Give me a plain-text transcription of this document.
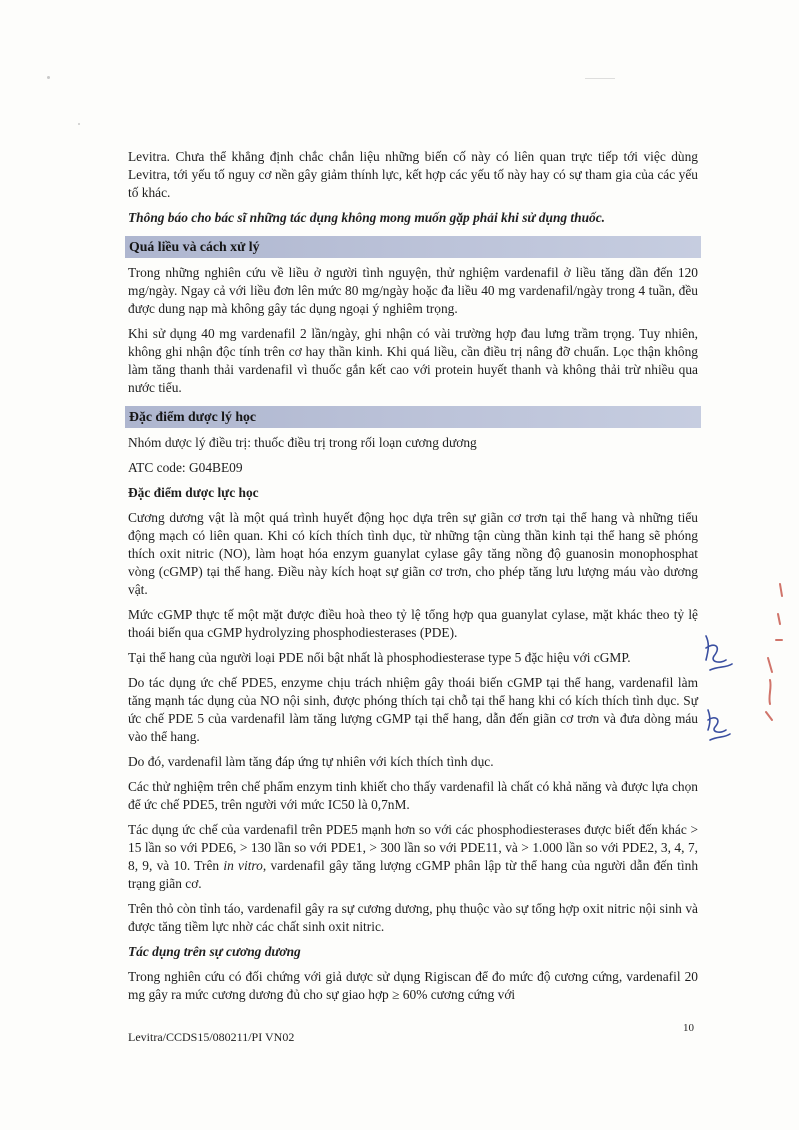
Levitra. Chưa thể khẳng định chắc chắn liệu những biến cố này có liên quan trực tiếp tới việc dùng Levitra, tới yếu tố nguy cơ nền gây giảm thính lực, kết hợp các yếu tố này hay có sự tham gia của các yếu tố khác.

Thông báo cho bác sĩ những tác dụng không mong muốn gặp phải khi sử dụng thuốc.

Quá liều và cách xử lý

Trong những nghiên cứu về liều ở người tình nguyện, thử nghiệm vardenafil ở liều tăng dần đến 120 mg/ngày. Ngay cả với liều đơn lên mức 80 mg/ngày hoặc đa liều 40 mg vardenafil/ngày trong 4 tuần, đều được dung nạp mà không gây tác dụng ngoại ý nghiêm trọng.

Khi sử dụng 40 mg vardenafil 2 lần/ngày, ghi nhận có vài trường hợp đau lưng trầm trọng. Tuy nhiên, không ghi nhận độc tính trên cơ hay thần kinh. Khi quá liều, cần điều trị nâng đỡ chuẩn. Lọc thận không làm tăng thanh thải vardenafil vì thuốc gắn kết cao với protein huyết thanh và không thải trừ nhiều qua nước tiểu.

Đặc điểm dược lý học

Nhóm dược lý điều trị: thuốc điều trị trong rối loạn cương dương

ATC code: G04BE09

Đặc điểm dược lực học

Cương dương vật là một quá trình huyết động học dựa trên sự giãn cơ trơn tại thể hang và những tiểu động mạch có liên quan. Khi có kích thích tình dục, từ những tận cùng thần kinh tại thể hang sẽ phóng thích oxit nitric (NO), làm hoạt hóa enzym guanylat cylase gây tăng nồng độ guanosin monophosphat vòng (cGMP) tại thể hang. Điều này kích hoạt sự giãn cơ trơn, cho phép tăng lưu lượng máu vào dương vật.

Mức cGMP thực tế một mặt được điều hoà theo tỷ lệ tổng hợp qua guanylat cylase, mặt khác theo tỷ lệ thoái biến qua cGMP hydrolyzing phosphodiesterases (PDE).

Tại thể hang của người loại PDE nổi bật nhất là phosphodiesterase type 5 đặc hiệu với cGMP.

Do tác dụng ức chế PDE5, enzyme chịu trách nhiệm gây thoái biến cGMP tại thể hang, vardenafil làm tăng mạnh tác dụng của NO nội sinh, được phóng thích tại chỗ tại thể hang khi có kích thích tình dục. Sự ức chế PDE 5 của vardenafil làm tăng lượng cGMP tại thể hang, dẫn đến giãn cơ trơn và đưa dòng máu vào thể hang.

Do đó, vardenafil làm tăng đáp ứng tự nhiên với kích thích tình dục.

Các thử nghiệm trên chế phẩm enzym tinh khiết cho thấy vardenafil là chất có khả năng và được lựa chọn để ức chế PDE5, trên người với mức IC50 là 0,7nM.

Tác dụng ức chế của vardenafil trên PDE5 mạnh hơn so với các phosphodiesterases được biết đến khác > 15 lần so với PDE6, > 130 lần so với PDE1, > 300 lần so với PDE11, và > 1.000 lần so với PDE2, 3, 4, 7, 8, 9, và 10. Trên in vitro, vardenafil gây tăng lượng cGMP phân lập từ thể hang của người dẫn đến tình trạng giãn cơ.

Trên thỏ còn tỉnh táo, vardenafil gây ra sự cương dương, phụ thuộc vào sự tổng hợp oxit nitric nội sinh và được tăng tiềm lực nhờ các chất sinh oxit nitric.

Tác dụng trên sự cương dương

Trong nghiên cứu có đối chứng với giả dược sử dụng Rigiscan để đo mức độ cương cứng, vardenafil 20 mg gây ra mức cương dương đủ cho sự giao hợp ≥ 60% cương cứng với

Levitra/CCDS15/080211/PI VN02
10
